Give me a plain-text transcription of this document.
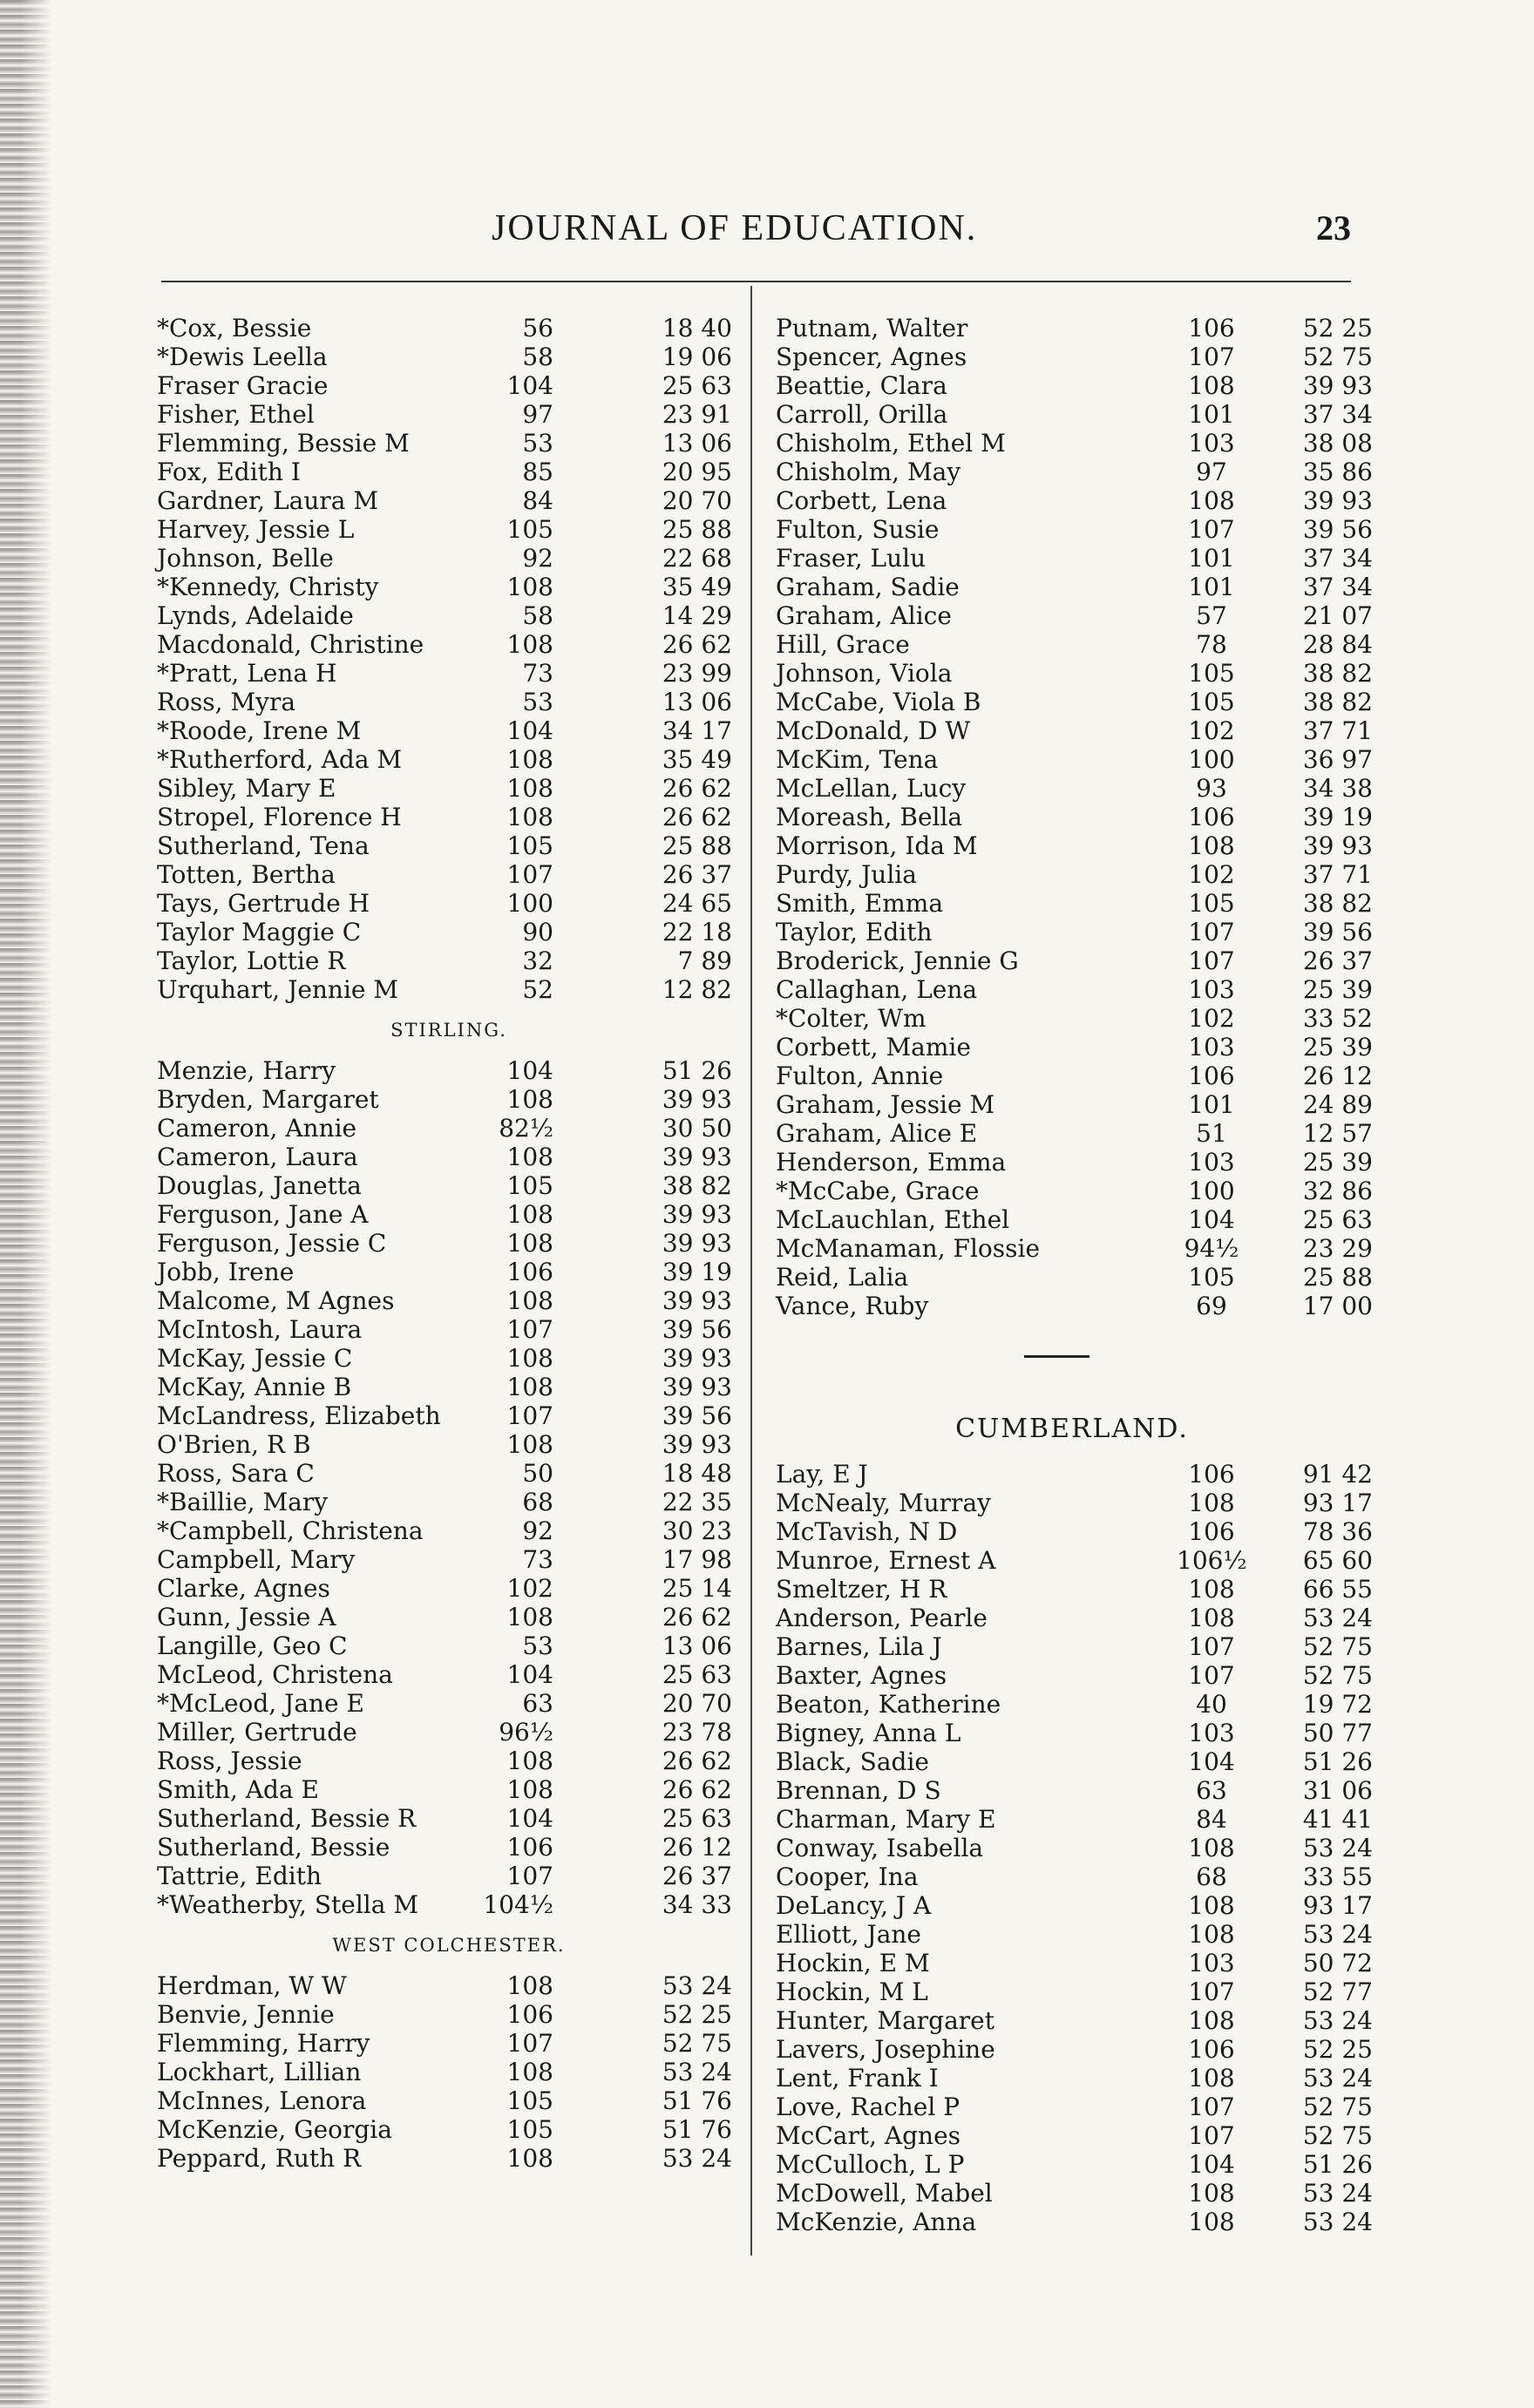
JOURNAL OF EDUCATION.	23
*Cox, Bessie	56	18 40
*Dewis Leella	58	19 06
Fraser Gracie	104	25 63
Fisher, Ethel	97	23 91
Flemming, Bessie M	53	13 06
Fox, Edith I	85	20 95
Gardner, Laura M	84	20 70
Harvey, Jessie L	105	25 88
Johnson, Belle	92	22 68
*Kennedy, Christy	108	35 49
Lynds, Adelaide	58	14 29
Macdonald, Christine	108	26 62
*Pratt, Lena H	73	23 99
Ross, Myra	53	13 06
*Roode, Irene M	104	34 17
*Rutherford, Ada M	108	35 49
Sibley, Mary E	108	26 62
Stropel, Florence H	108	26 62
Sutherland, Tena	105	25 88
Totten, Bertha	107	26 37
Tays, Gertrude H	100	24 65
Taylor Maggie C	90	22 18
Taylor, Lottie R	32	7 89
Urquhart, Jennie M	52	12 82
STIRLING.
Menzie, Harry	104	51 26
Bryden, Margaret	108	39 93
Cameron, Annie	82½	30 50
Cameron, Laura	108	39 93
Douglas, Janetta	105	38 82
Ferguson, Jane A	108	39 93
Ferguson, Jessie C	108	39 93
Jobb, Irene	106	39 19
Malcome, M Agnes	108	39 93
McIntosh, Laura	107	39 56
McKay, Jessie C	108	39 93
McKay, Annie B	108	39 93
McLandress, Elizabeth	107	39 56
O'Brien, R B	108	39 93
Ross, Sara C	50	18 48
*Baillie, Mary	68	22 35
*Campbell, Christena	92	30 23
Campbell, Mary	73	17 98
Clarke, Agnes	102	25 14
Gunn, Jessie A	108	26 62
Langille, Geo C	53	13 06
McLeod, Christena	104	25 63
*McLeod, Jane E	63	20 70
Miller, Gertrude	96½	23 78
Ross, Jessie	108	26 62
Smith, Ada E	108	26 62
Sutherland, Bessie R	104	25 63
Sutherland, Bessie	106	26 12
Tattrie, Edith	107	26 37
*Weatherby, Stella M	104½	34 33
WEST COLCHESTER.
Herdman, W W	108	53 24
Benvie, Jennie	106	52 25
Flemming, Harry	107	52 75
Lockhart, Lillian	108	53 24
McInnes, Lenora	105	51 76
McKenzie, Georgia	105	51 76
Peppard, Ruth R	108	53 24
Putnam, Walter	106	52 25
Spencer, Agnes	107	52 75
Beattie, Clara	108	39 93
Carroll, Orilla	101	37 34
Chisholm, Ethel M	103	38 08
Chisholm, May	97	35 86
Corbett, Lena	108	39 93
Fulton, Susie	107	39 56
Fraser, Lulu	101	37 34
Graham, Sadie	101	37 34
Graham, Alice	57	21 07
Hill, Grace	78	28 84
Johnson, Viola	105	38 82
McCabe, Viola B	105	38 82
McDonald, D W	102	37 71
McKim, Tena	100	36 97
McLellan, Lucy	93	34 38
Moreash, Bella	106	39 19
Morrison, Ida M	108	39 93
Purdy, Julia	102	37 71
Smith, Emma	105	38 82
Taylor, Edith	107	39 56
Broderick, Jennie G	107	26 37
Callaghan, Lena	103	25 39
*Colter, Wm	102	33 52
Corbett, Mamie	103	25 39
Fulton, Annie	106	26 12
Graham, Jessie M	101	24 89
Graham, Alice E	51	12 57
Henderson, Emma	103	25 39
*McCabe, Grace	100	32 86
McLauchlan, Ethel	104	25 63
McManaman, Flossie	94½	23 29
Reid, Lalia	105	25 88
Vance, Ruby	69	17 00
CUMBERLAND.
Lay, E J	106	91 42
McNealy, Murray	108	93 17
McTavish, N D	106	78 36
Munroe, Ernest A	106½	65 60
Smeltzer, H R	108	66 55
Anderson, Pearle	108	53 24
Barnes, Lila J	107	52 75
Baxter, Agnes	107	52 75
Beaton, Katherine	40	19 72
Bigney, Anna L	103	50 77
Black, Sadie	104	51 26
Brennan, D S	63	31 06
Charman, Mary E	84	41 41
Conway, Isabella	108	53 24
Cooper, Ina	68	33 55
DeLancy, J A	108	93 17
Elliott, Jane	108	53 24
Hockin, E M	103	50 72
Hockin, M L	107	52 77
Hunter, Margaret	108	53 24
Lavers, Josephine	106	52 25
Lent, Frank I	108	53 24
Love, Rachel P	107	52 75
McCart, Agnes	107	52 75
McCulloch, L P	104	51 26
McDowell, Mabel	108	53 24
McKenzie, Anna	108	53 24
